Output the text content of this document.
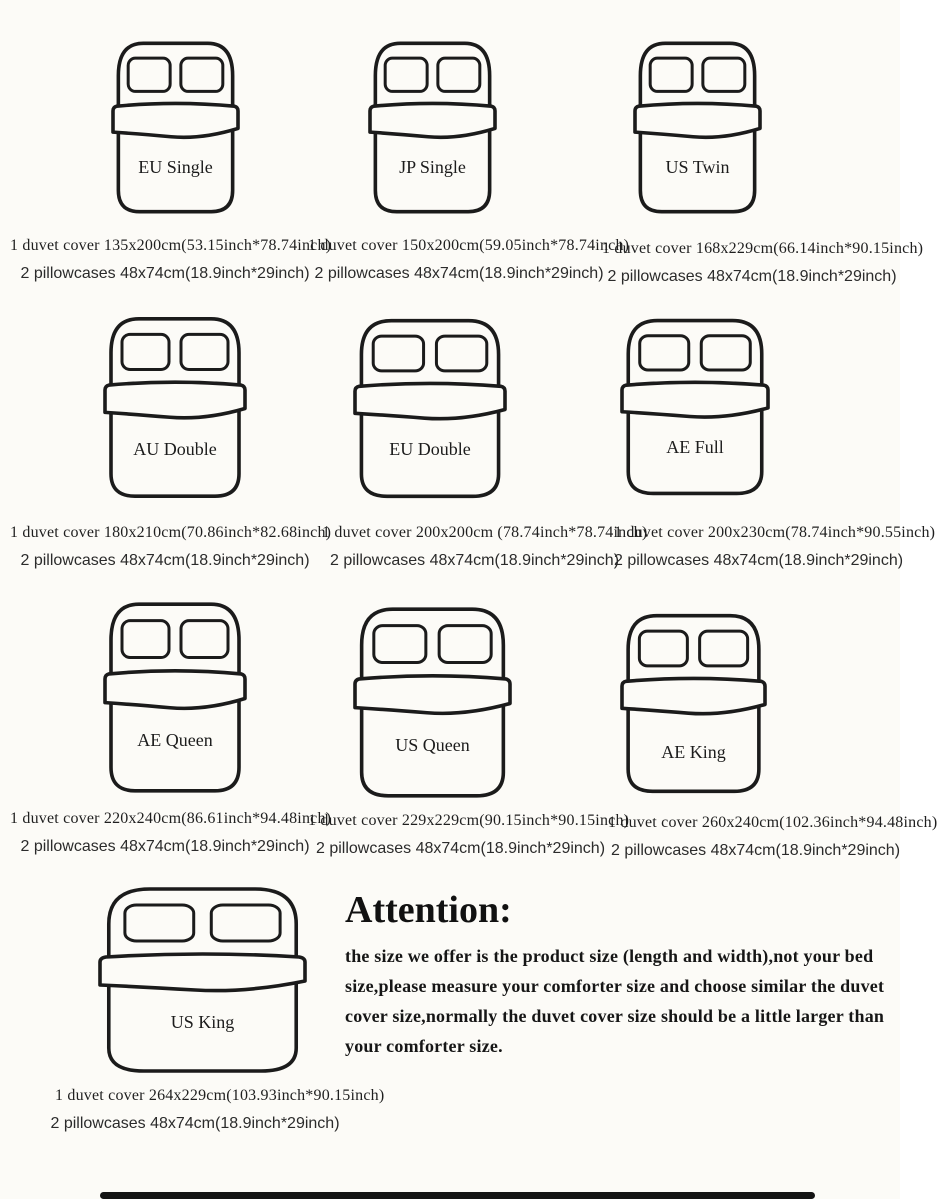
EU Single	JP Single	US Twin
1 duvet cover 135x200cm(53.15inch*78.74inch)
2 pillowcases 48x74cm(18.9inch*29inch)
1 duvet cover 150x200cm(59.05inch*78.74inch)
2 pillowcases 48x74cm(18.9inch*29inch)
1 duvet cover 168x229cm(66.14inch*90.15inch)
2 pillowcases 48x74cm(18.9inch*29inch)
AU Double	EU Double	AE Full
1 duvet cover 180x210cm(70.86inch*82.68inch)
2 pillowcases 48x74cm(18.9inch*29inch)
1 duvet cover 200x200cm (78.74inch*78.74inch)
2 pillowcases 48x74cm(18.9inch*29inch)
1 duvet cover 200x230cm(78.74inch*90.55inch)
2 pillowcases 48x74cm(18.9inch*29inch)
AE Queen	US Queen	AE King
1 duvet cover 220x240cm(86.61inch*94.48inch)
2 pillowcases 48x74cm(18.9inch*29inch)
1 duvet cover 229x229cm(90.15inch*90.15inch)
2 pillowcases 48x74cm(18.9inch*29inch)
1 duvet cover 260x240cm(102.36inch*94.48inch)
2 pillowcases 48x74cm(18.9inch*29inch)
US King
Attention:
the size we offer is the product size (length and width),not your bed size,please measure your comforter size and choose similar the duvet cover size,normally the duvet cover size should be a little larger than your comforter size.
1 duvet cover 264x229cm(103.93inch*90.15inch)
2 pillowcases 48x74cm(18.9inch*29inch)
